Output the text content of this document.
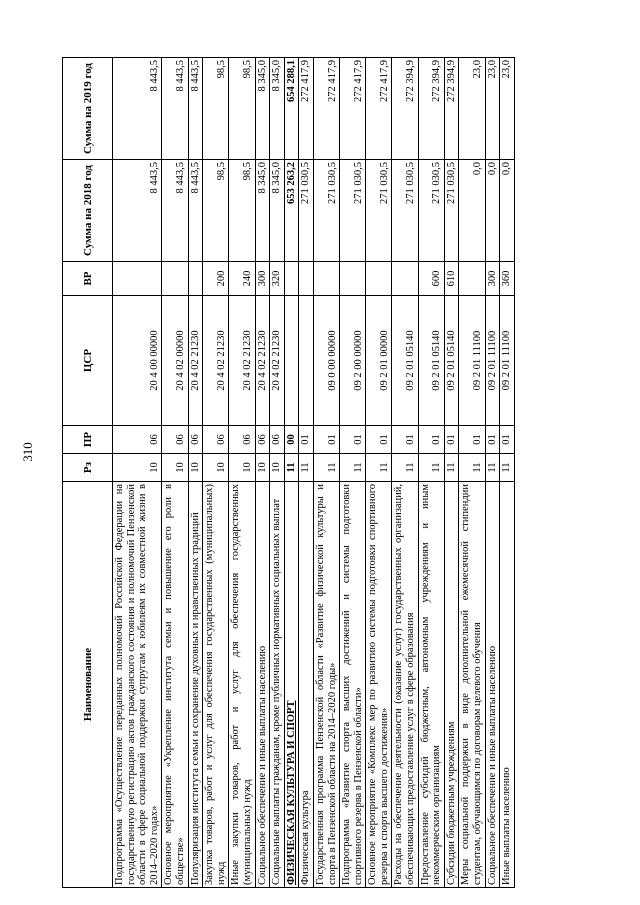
310
Наименование	Рз	ПР	ЦСР	ВР	Сумма на 2018 год	Сумма на 2019 год
Подпрограмма «Осуществление переданных полномочий Российской Федерации на государственную регистрацию актов гражданского состояния и полномочий Пензенской области в сфере социальной поддержки супругам к юбилеям их совместной жизни в 2014–2020 годах»	10	06	20 4 00 00000		8 443,5	8 443,5
Основное мероприятие «Укрепление института семьи и повышение его роли в обществе»	10	06	20 4 02 00000		8 443,5	8 443,5
Популяризация института семьи и сохранение духовных и нравственных традиций	10	06	20 4 02 21230		8 443,5	8 443,5
Закупка товаров, работ и услуг для обеспечения государственных (муниципальных) нужд	10	06	20 4 02 21230	200	98,5	98,5
Иные закупки товаров, работ и услуг для обеспечения государственных (муниципальных) нужд	10	06	20 4 02 21230	240	98,5	98,5
Социальное обеспечение и иные выплаты населению	10	06	20 4 02 21230	300	8 345,0	8 345,0
Социальные выплаты гражданам, кроме публичных нормативных социальных выплат	10	06	20 4 02 21230	320	8 345,0	8 345,0
ФИЗИЧЕСКАЯ КУЛЬТУРА И СПОРТ	11	00			653 263,2	654 288,1
Физическая культура	11	01			271 030,5	272 417,9
Государственная программа Пензенской области «Развитие физической культуры и спорта в Пензенской области на 2014–2020 годы»	11	01	09 0 00 00000		271 030,5	272 417,9
Подпрограмма «Развитие спорта высших достижений и системы подготовки спортивного резерва в Пензенской области»	11	01	09 2 00 00000		271 030,5	272 417,9
Основное мероприятие «Комплекс мер по развитию системы подготовки спортивного резерва и спорта высшего достижения»	11	01	09 2 01 00000		271 030,5	272 417,9
Расходы на обеспечение деятельности (оказание услуг) государственных организаций, обеспечивающих предоставление услуг в сфере образования	11	01	09 2 01 05140		271 030,5	272 394,9
Предоставление субсидий бюджетным, автономным учреждениям и иным некоммерческим организациям	11	01	09 2 01 05140	600	271 030,5	272 394,9
Субсидии бюджетным учреждениям	11	01	09 2 01 05140	610	271 030,5	272 394,9
Меры социальной поддержки в виде дополнительной ежемесячной стипендии студентам, обучающимся по договорам целевого обучения	11	01	09 2 01 11100		0,0	23,0
Социальное обеспечение и иные выплаты населению	11	01	09 2 01 11100	300	0,0	23,0
Иные выплаты населению	11	01	09 2 01 11100	360	0,0	23,0
